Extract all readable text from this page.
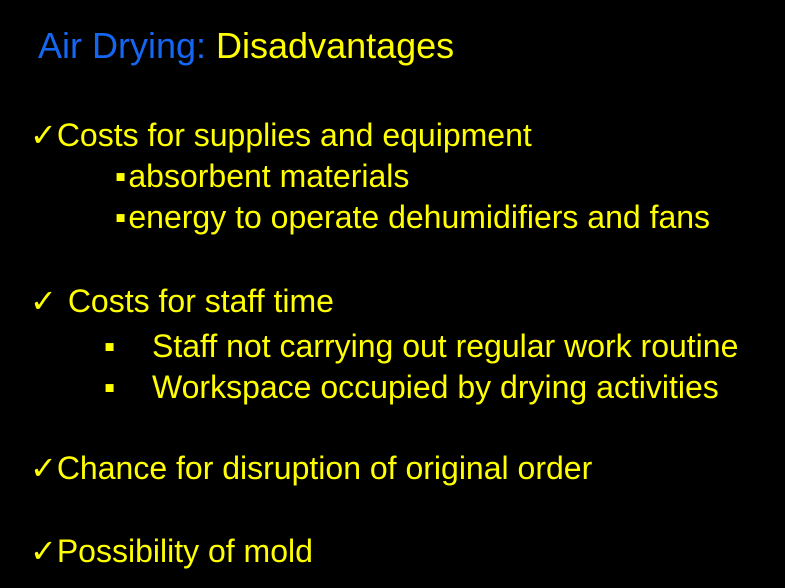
Air Drying: Disadvantages
✓Costs for supplies and equipment
▪absorbent materials
▪energy to operate dehumidifiers and fans
✓ Costs for staff time
▪ Staff not carrying out regular work routine
▪ Workspace occupied by drying activities
✓Chance for disruption of original order
✓Possibility of mold
